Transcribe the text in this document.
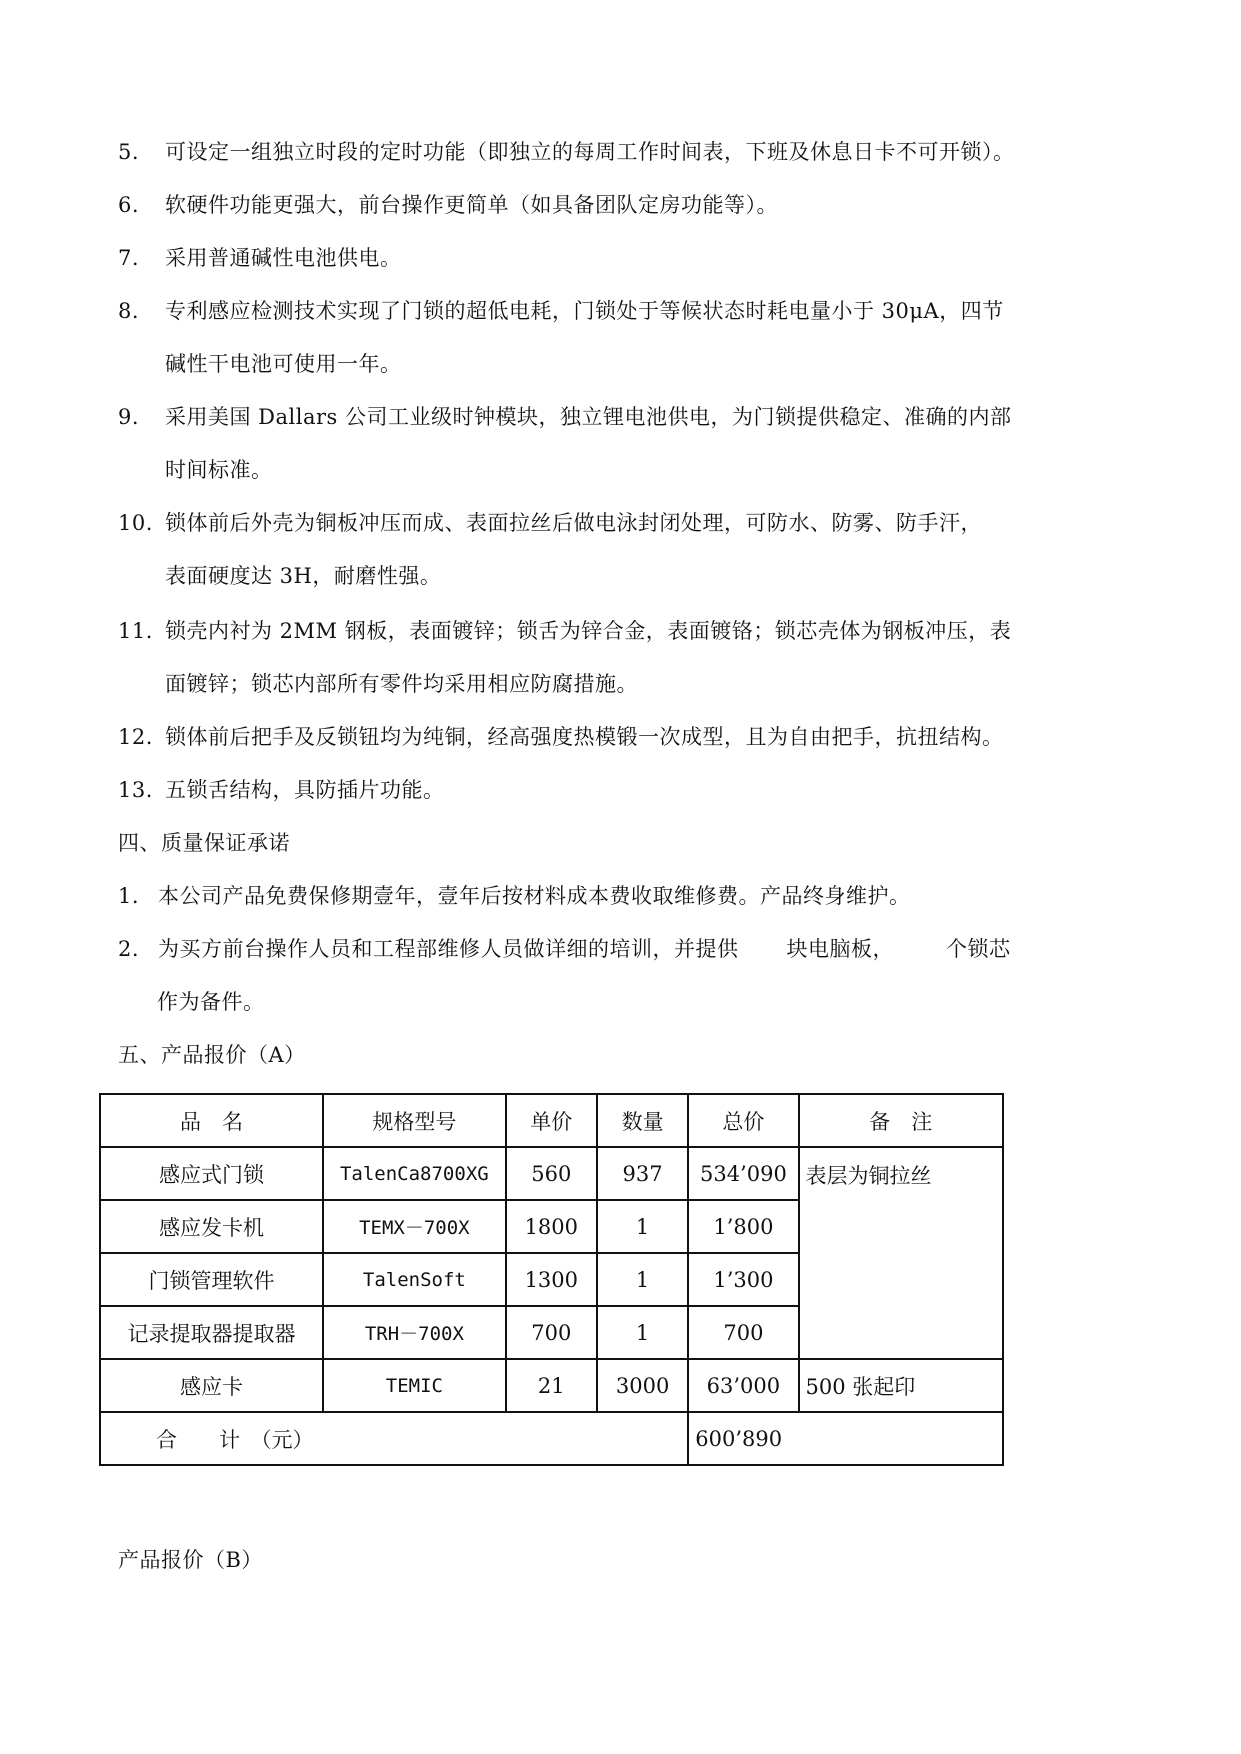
5. 可设定一组独立时段的定时功能（即独立的每周工作时间表，下班及休息日卡不可开锁）。
6. 软硬件功能更强大，前台操作更简单（如具备团队定房功能等）。
7. 采用普通碱性电池供电。
8. 专利感应检测技术实现了门锁的超低电耗，门锁处于等候状态时耗电量小于 30μA，四节
碱性干电池可使用一年。
9. 采用美国 Dallars 公司工业级时钟模块，独立锂电池供电，为门锁提供稳定、准确的内部
时间标准。
10. 锁体前后外壳为铜板冲压而成、表面拉丝后做电泳封闭处理，可防水、防雾、防手汗，
表面硬度达 3H，耐磨性强。
11. 锁壳内衬为 2MM 钢板，表面镀锌；锁舌为锌合金，表面镀铬；锁芯壳体为钢板冲压，表
面镀锌；锁芯内部所有零件均采用相应防腐措施。
12. 锁体前后把手及反锁钮均为纯铜，经高强度热模锻一次成型，且为自由把手，抗扭结构。
13. 五锁舌结构，具防插片功能。
四、质量保证承诺
1. 本公司产品免费保修期壹年，壹年后按材料成本费收取维修费。产品终身维护。
2. 为买方前台操作人员和工程部维修人员做详细的培训，并提供 块电脑板， 个锁芯
作为备件。
五、产品报价（A）
品　名	规格型号	单价	数量	总价	备　注
感应式门锁	TalenCa8700XG	560	937	534’090	表层为铜拉丝
感应发卡机	TEMX－700X	1800	1	1’800	
门锁管理软件	TalenSoft	1300	1	1’300	
记录提取器提取器	TRH－700X	700	1	700	
感应卡	TEMIC	21	3000	63’000	500 张起印
合　　计　（元）				600’890	
产品报价（B）
